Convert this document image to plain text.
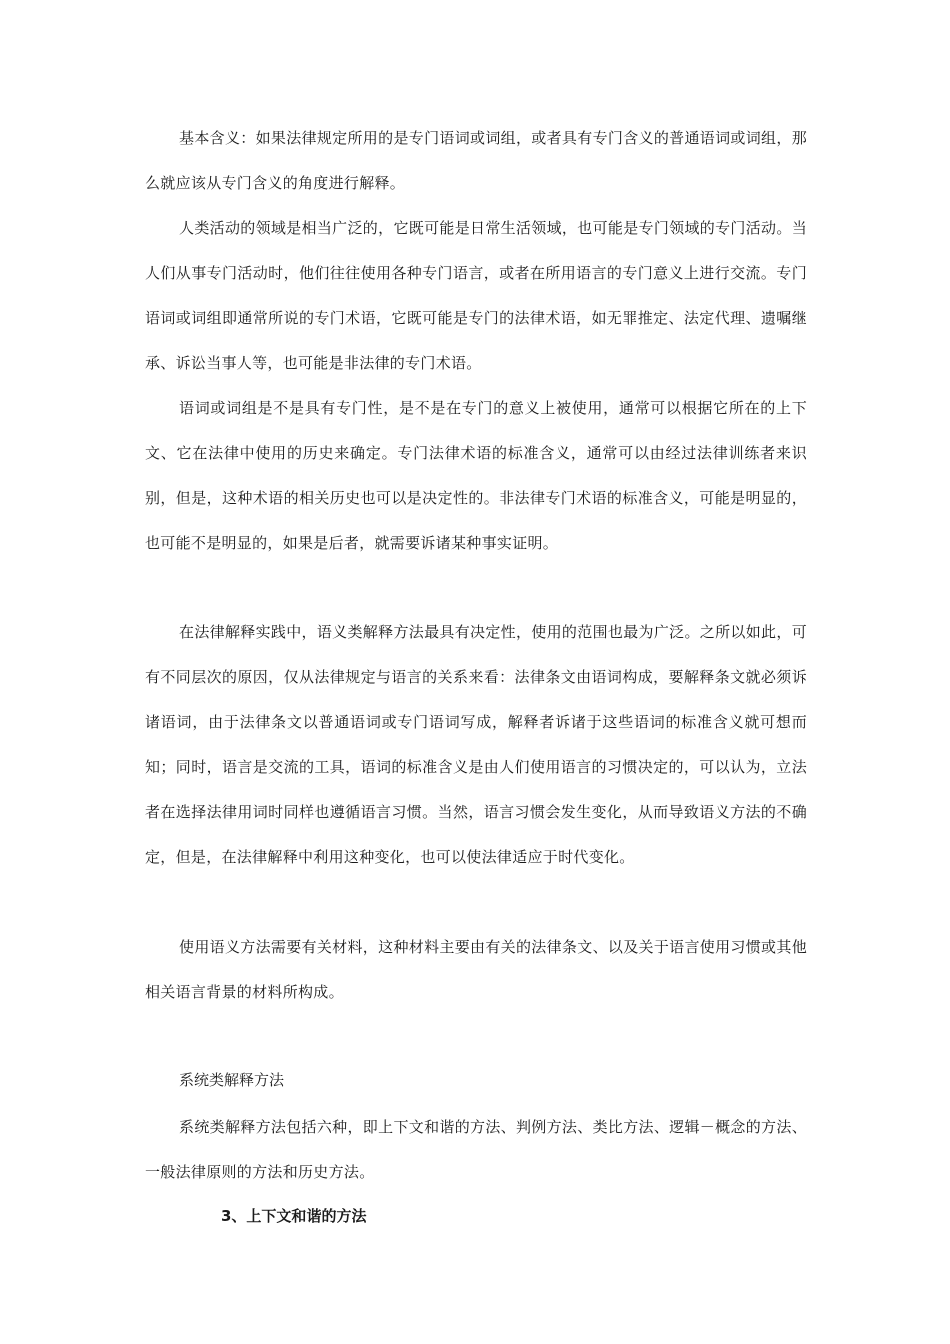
基本含义：如果法律规定所用的是专门语词或词组，或者具有专门含义的普通语词或词组，那么就应该从专门含义的角度进行解释。

人类活动的领域是相当广泛的，它既可能是日常生活领域，也可能是专门领域的专门活动。当人们从事专门活动时，他们往往使用各种专门语言，或者在所用语言的专门意义上进行交流。专门语词或词组即通常所说的专门术语，它既可能是专门的法律术语，如无罪推定、法定代理、遗嘱继承、诉讼当事人等，也可能是非法律的专门术语。

语词或词组是不是具有专门性，是不是在专门的意义上被使用，通常可以根据它所在的上下文、它在法律中使用的历史来确定。专门法律术语的标准含义，通常可以由经过法律训练者来识别，但是，这种术语的相关历史也可以是决定性的。非法律专门术语的标准含义，可能是明显的，也可能不是明显的，如果是后者，就需要诉诸某种事实证明。

在法律解释实践中，语义类解释方法最具有决定性，使用的范围也最为广泛。之所以如此，可有不同层次的原因，仅从法律规定与语言的关系来看：法律条文由语词构成，要解释条文就必须诉诸语词，由于法律条文以普通语词或专门语词写成，解释者诉诸于这些语词的标准含义就可想而知；同时，语言是交流的工具，语词的标准含义是由人们使用语言的习惯决定的，可以认为，立法者在选择法律用词时同样也遵循语言习惯。当然，语言习惯会发生变化，从而导致语义方法的不确定，但是，在法律解释中利用这种变化，也可以使法律适应于时代变化。

使用语义方法需要有关材料，这种材料主要由有关的法律条文、以及关于语言使用习惯或其他相关语言背景的材料所构成。

系统类解释方法

系统类解释方法包括六种，即上下文和谐的方法、判例方法、类比方法、逻辑－概念的方法、一般法律原则的方法和历史方法。

3、上下文和谐的方法
